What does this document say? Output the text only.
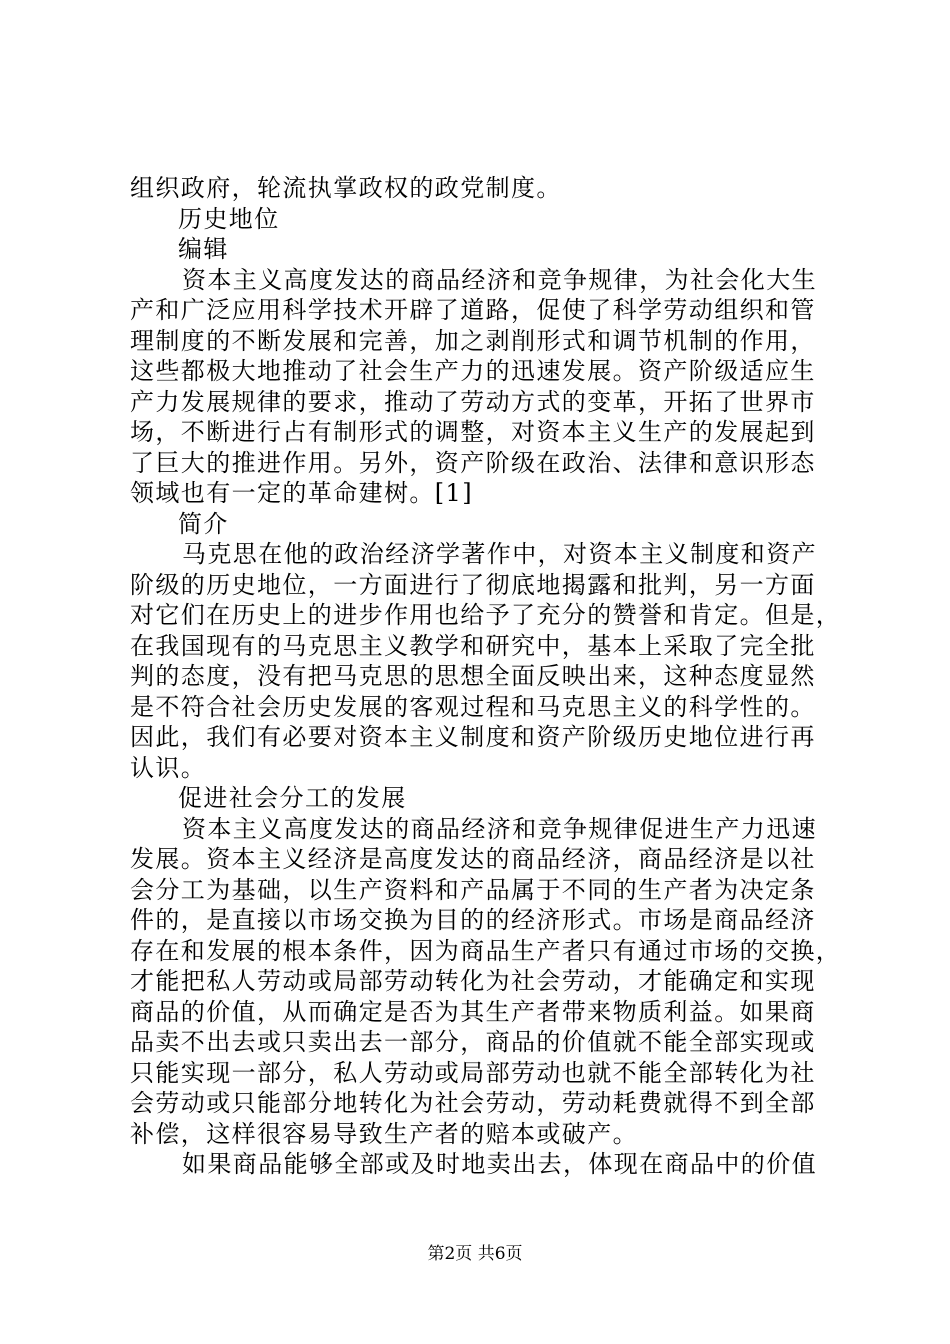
组织政府，轮流执掌政权的政党制度。
历史地位
编辑
资本主义高度发达的商品经济和竞争规律，为社会化大生
产和广泛应用科学技术开辟了道路，促使了科学劳动组织和管
理制度的不断发展和完善，加之剥削形式和调节机制的作用，
这些都极大地推动了社会生产力的迅速发展。资产阶级适应生
产力发展规律的要求，推动了劳动方式的变革，开拓了世界市
场，不断进行占有制形式的调整，对资本主义生产的发展起到
了巨大的推进作用。另外，资产阶级在政治、法律和意识形态
领域也有一定的革命建树。[1]
简介
马克思在他的政治经济学著作中，对资本主义制度和资产
阶级的历史地位，一方面进行了彻底地揭露和批判，另一方面
对它们在历史上的进步作用也给予了充分的赞誉和肯定。但是，
在我国现有的马克思主义教学和研究中，基本上采取了完全批
判的态度，没有把马克思的思想全面反映出来，这种态度显然
是不符合社会历史发展的客观过程和马克思主义的科学性的。
因此，我们有必要对资本主义制度和资产阶级历史地位进行再
认识。
促进社会分工的发展
资本主义高度发达的商品经济和竞争规律促进生产力迅速
发展。资本主义经济是高度发达的商品经济，商品经济是以社
会分工为基础，以生产资料和产品属于不同的生产者为决定条
件的，是直接以市场交换为目的的经济形式。市场是商品经济
存在和发展的根本条件，因为商品生产者只有通过市场的交换，
才能把私人劳动或局部劳动转化为社会劳动，才能确定和实现
商品的价值，从而确定是否为其生产者带来物质利益。如果商
品卖不出去或只卖出去一部分，商品的价值就不能全部实现或
只能实现一部分，私人劳动或局部劳动也就不能全部转化为社
会劳动或只能部分地转化为社会劳动，劳动耗费就得不到全部
补偿，这样很容易导致生产者的赔本或破产。
如果商品能够全部或及时地卖出去，体现在商品中的价值
第2页 共6页
